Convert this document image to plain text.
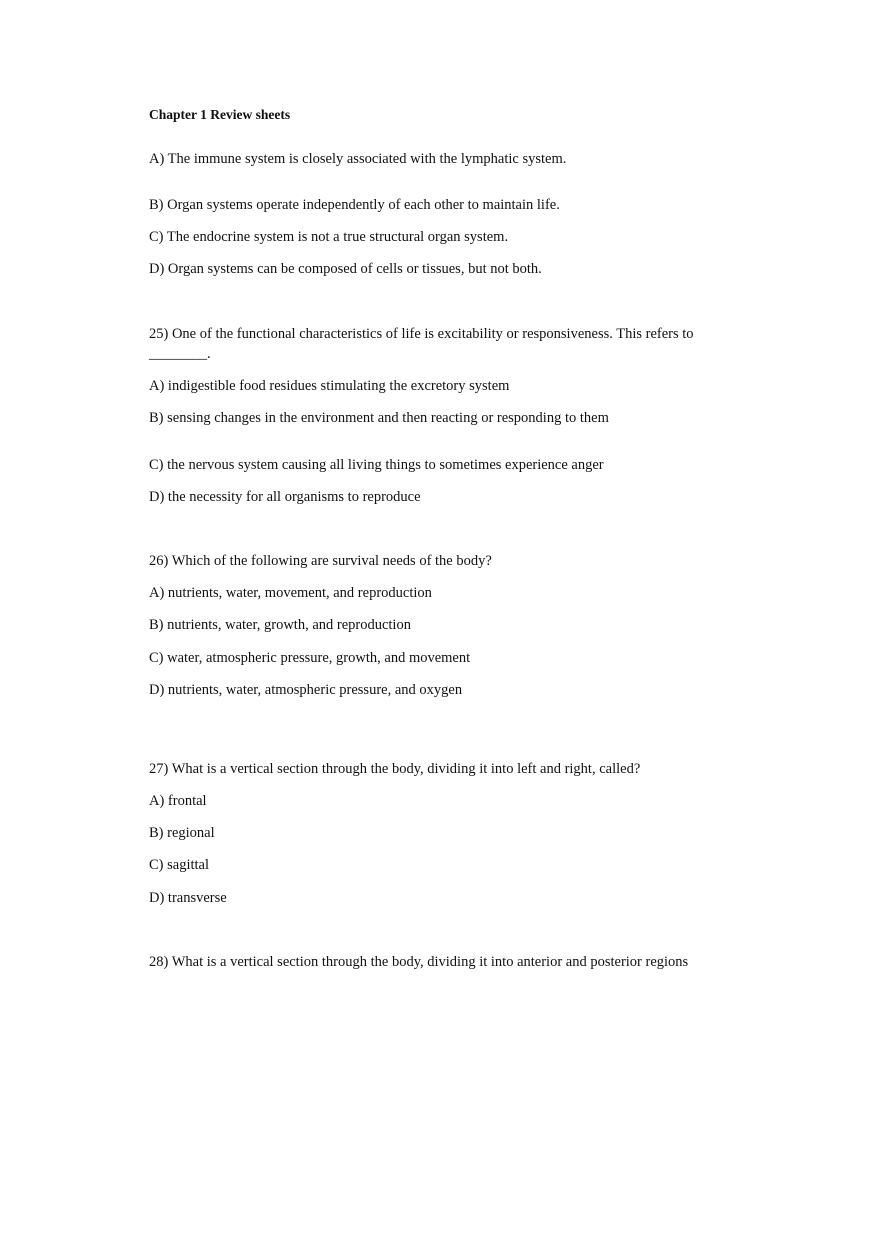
Chapter 1 Review sheets
A) The immune system is closely associated with the lymphatic system.
B) Organ systems operate independently of each other to maintain life.
C) The endocrine system is not a true structural organ system.
D) Organ systems can be composed of cells or tissues, but not both.
25) One of the functional characteristics of life is excitability or responsiveness. This refers to
________.
A) indigestible food residues stimulating the excretory system
B) sensing changes in the environment and then reacting or responding to them
C) the nervous system causing all living things to sometimes experience anger
D) the necessity for all organisms to reproduce
26) Which of the following are survival needs of the body?
A) nutrients, water, movement, and reproduction
B) nutrients, water, growth, and reproduction
C) water, atmospheric pressure, growth, and movement
D) nutrients, water, atmospheric pressure, and oxygen
27) What is a vertical section through the body, dividing it into left and right, called?
A) frontal
B) regional
C) sagittal
D) transverse
28) What is a vertical section through the body, dividing it into anterior and posterior regions
